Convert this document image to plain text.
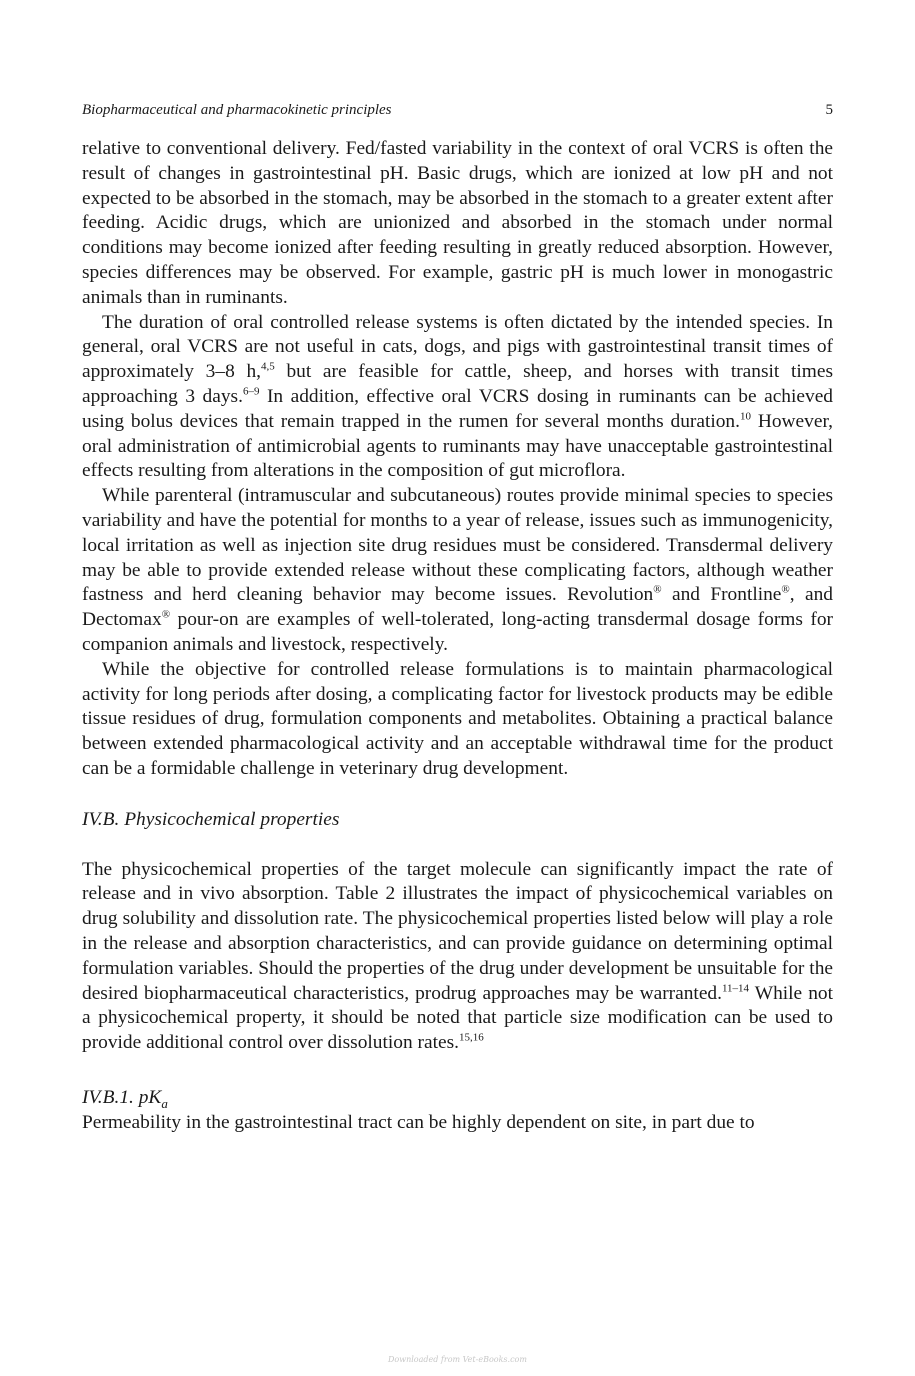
Biopharmaceutical and pharmacokinetic principles	5

relative to conventional delivery. Fed/fasted variability in the context of oral VCRS is often the result of changes in gastrointestinal pH. Basic drugs, which are ionized at low pH and not expected to be absorbed in the stomach, may be absorbed in the stomach to a greater extent after feeding. Acidic drugs, which are unionized and absorbed in the stomach under normal conditions may become ionized after feeding resulting in greatly reduced absorption. However, species differences may be observed. For example, gastric pH is much lower in monogastric animals than in ruminants.

The duration of oral controlled release systems is often dictated by the intended species. In general, oral VCRS are not useful in cats, dogs, and pigs with gastrointestinal transit times of approximately 3–8 h,$^{4,5}$ but are feasible for cattle, sheep, and horses with transit times approaching 3 days.$^{6-9}$ In addition, effective oral VCRS dosing in ruminants can be achieved using bolus devices that remain trapped in the rumen for several months duration.$^{10}$ However, oral administration of antimicrobial agents to ruminants may have unacceptable gastrointestinal effects resulting from alterations in the composition of gut microflora.

While parenteral (intramuscular and subcutaneous) routes provide minimal species to species variability and have the potential for months to a year of release, issues such as immunogenicity, local irritation as well as injection site drug residues must be considered. Transdermal delivery may be able to provide extended release without these complicating factors, although weather fastness and herd cleaning behavior may become issues. Revolution® and Frontline®, and Dectomax® pour-on are examples of well-tolerated, long-acting transdermal dosage forms for companion animals and livestock, respectively.

While the objective for controlled release formulations is to maintain pharmacological activity for long periods after dosing, a complicating factor for livestock products may be edible tissue residues of drug, formulation components and metabolites. Obtaining a practical balance between extended pharmacological activity and an acceptable withdrawal time for the product can be a formidable challenge in veterinary drug development.

IV.B. Physicochemical properties

The physicochemical properties of the target molecule can significantly impact the rate of release and in vivo absorption. Table 2 illustrates the impact of physicochemical variables on drug solubility and dissolution rate. The physicochemical properties listed below will play a role in the release and absorption characteristics, and can provide guidance on determining optimal formulation variables. Should the properties of the drug under development be unsuitable for the desired biopharmaceutical characteristics, prodrug approaches may be warranted.$^{11-14}$ While not a physicochemical property, it should be noted that particle size modification can be used to provide additional control over dissolution rates.$^{15,16}$

IV.B.1. $pK_a$

Permeability in the gastrointestinal tract can be highly dependent on site, in part due to

Downloaded from Vet-eBooks.com
